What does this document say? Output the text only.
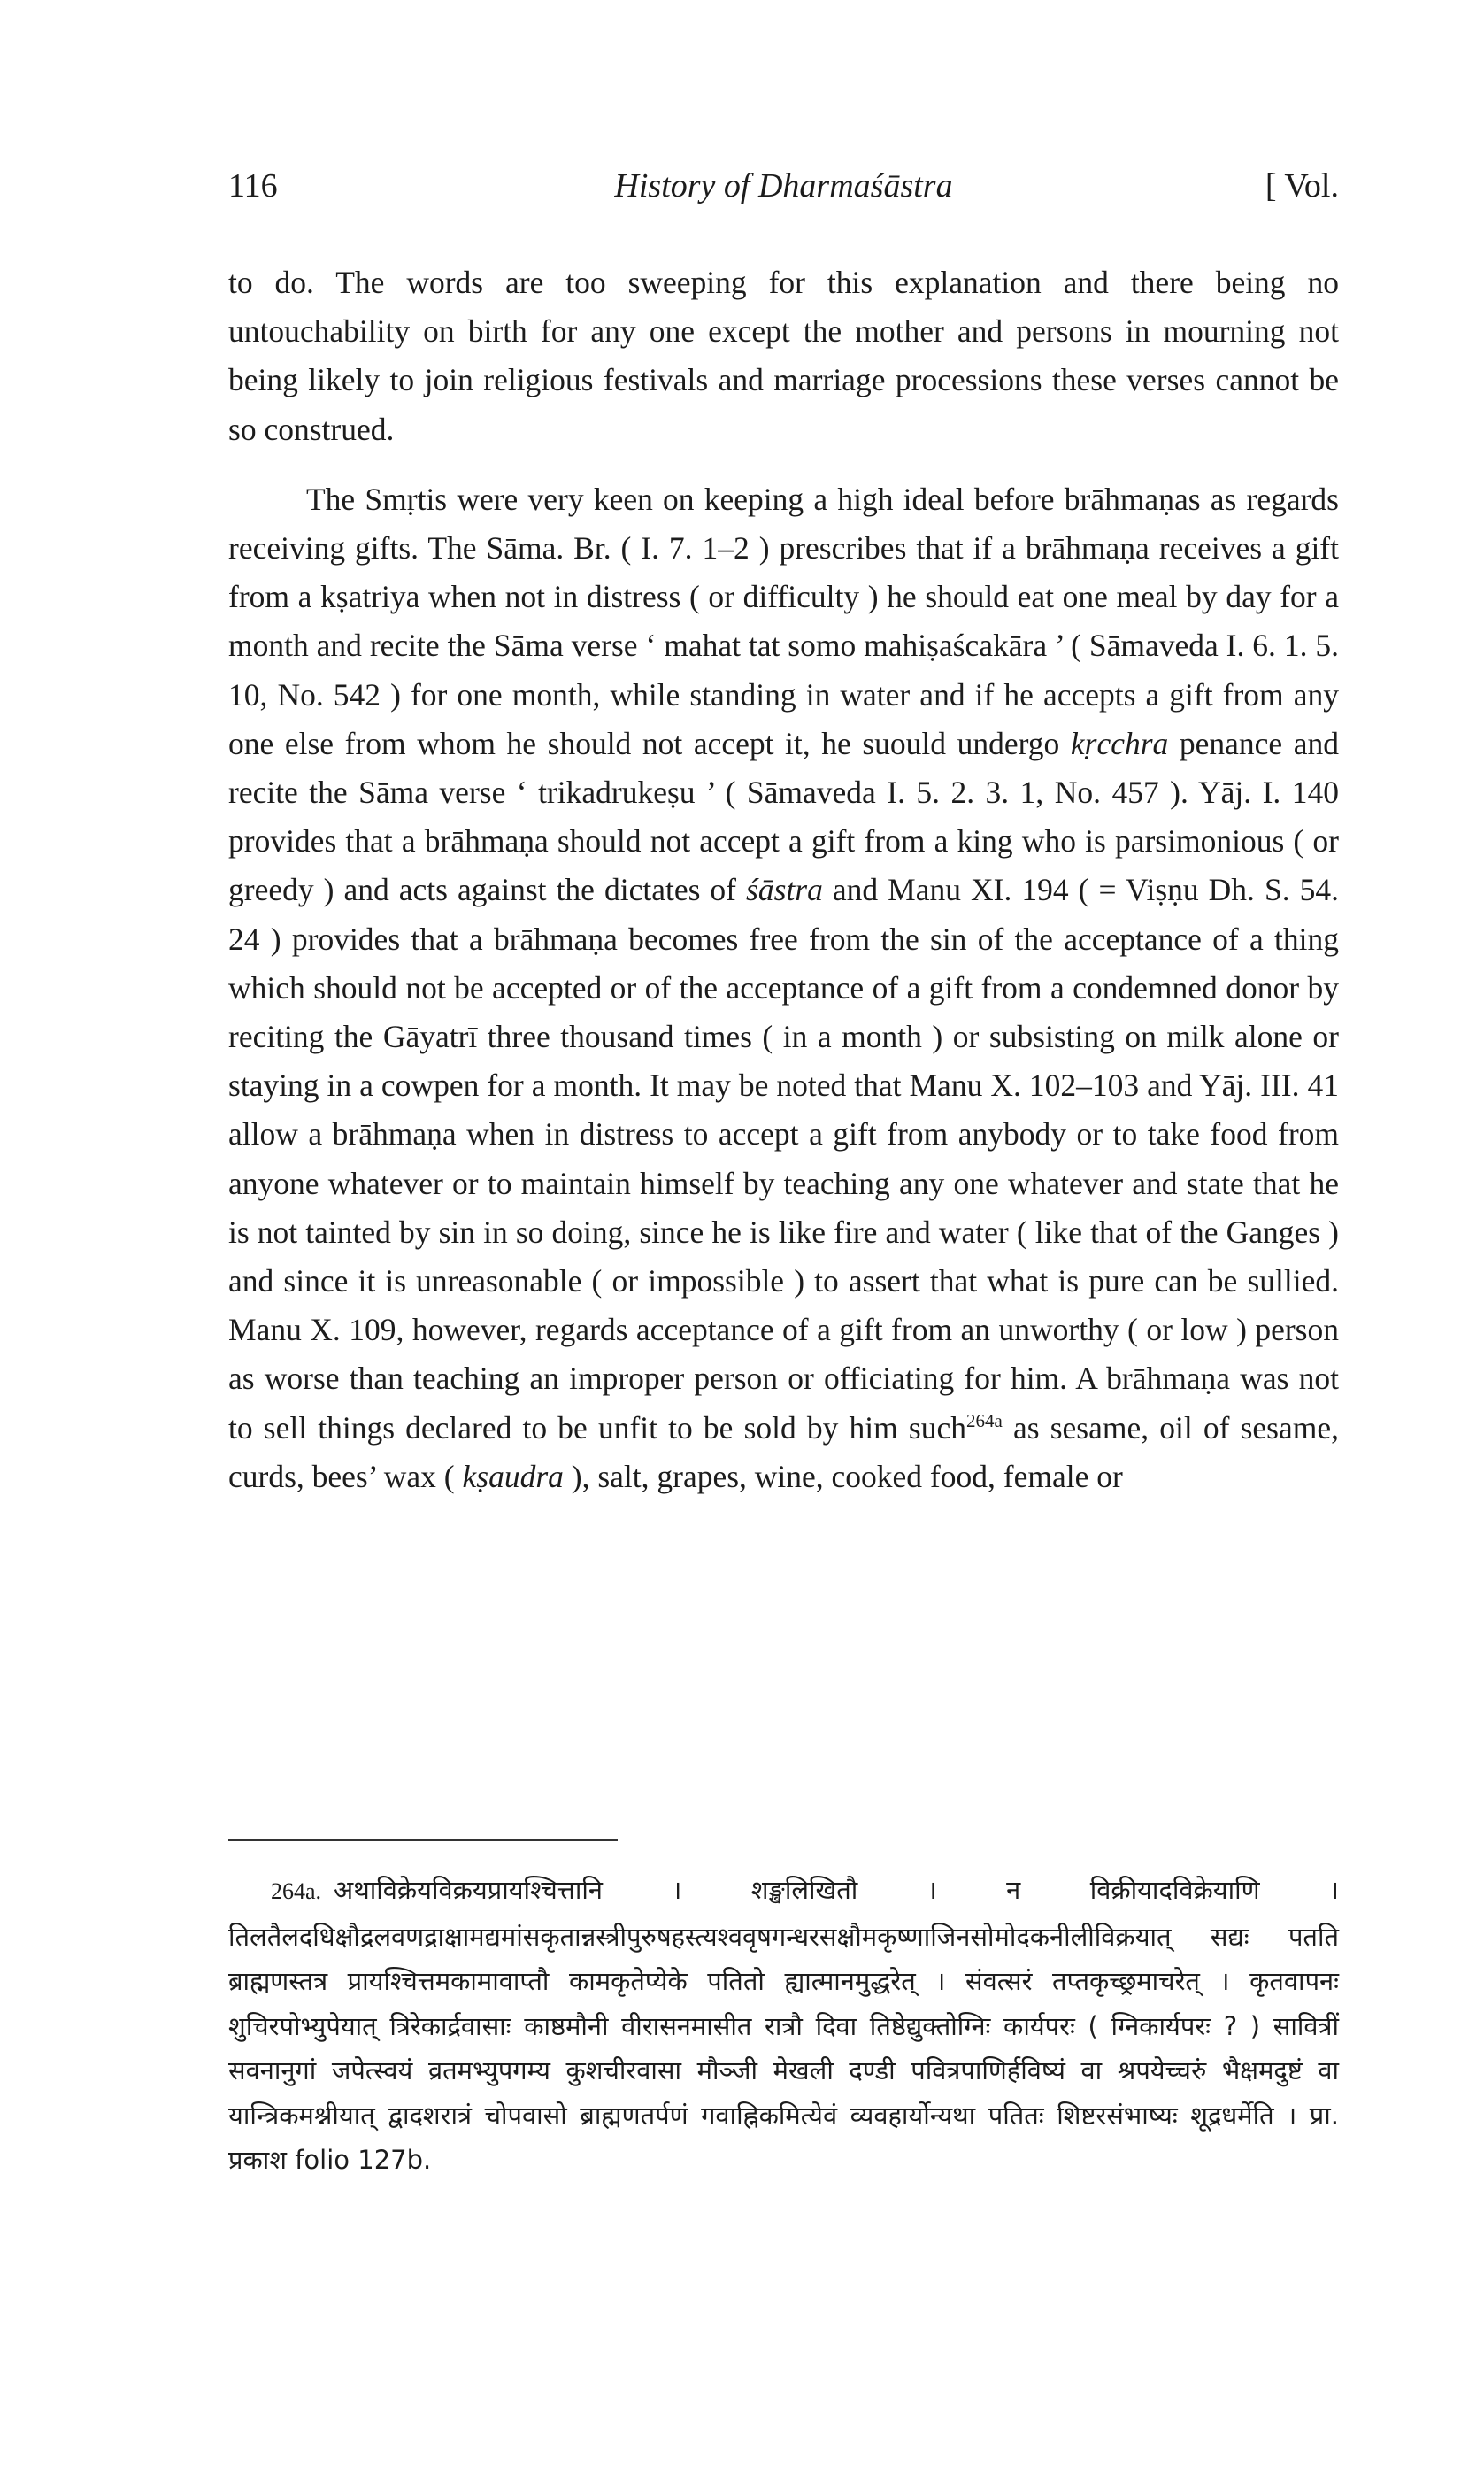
116	History of Dharmaśāstra	[ Vol.

to do. The words are too sweeping for this explanation and there being no untouchability on birth for any one except the mother and persons in mourning not being likely to join religious festivals and marriage processions these verses cannot be so construed.

The Smṛtis were very keen on keeping a high ideal before brāhmaṇas as regards receiving gifts. The Sāma. Br. ( I. 7. 1–2 ) prescribes that if a brāhmaṇa receives a gift from a kṣatriya when not in distress ( or difficulty ) he should eat one meal by day for a month and recite the Sāma verse ‘ mahat tat somo mahiṣaścakāra ’ ( Sāmaveda I. 6. 1. 5. 10, No. 542 ) for one month, while standing in water and if he accepts a gift from any one else from whom he should not accept it, he suould undergo kṛcchra penance and recite the Sāma verse ‘ trikadrukeṣu ’ ( Sāmaveda I. 5. 2. 3. 1, No. 457 ). Yāj. I. 140 provides that a brāhmaṇa should not accept a gift from a king who is parsimonious ( or greedy ) and acts against the dictates of śāstra and Manu XI. 194 ( = Viṣṇu Dh. S. 54. 24 ) provides that a brāhmaṇa becomes free from the sin of the acceptance of a thing which should not be accepted or of the acceptance of a gift from a condemned donor by reciting the Gāyatrī three thousand times ( in a month ) or subsisting on milk alone or staying in a cowpen for a month. It may be noted that Manu X. 102–103 and Yāj. III. 41 allow a brāhmaṇa when in distress to accept a gift from anybody or to take food from anyone whatever or to maintain himself by teaching any one whatever and state that he is not tainted by sin in so doing, since he is like fire and water ( like that of the Ganges ) and since it is unreasonable ( or impossible ) to assert that what is pure can be sullied. Manu X. 109, however, regards acceptance of a gift from an unworthy ( or low ) person as worse than teaching an improper person or officiating for him. A brāhmaṇa was not to sell things declared to be unfit to be sold by him such$^{264a}$ as sesame, oil of sesame, curds, bees’ wax ( kṣaudra ), salt, grapes, wine, cooked food, female or

264a. अथाविक्रेयविक्रयप्रायश्चित्तानि । शङ्खलिखितौ । न विक्रीयादविक्रेयाणि । तिलतैलदधिक्षौद्रलवणद्राक्षामद्यमांसकृतान्नस्त्रीपुरुषहस्त्यश्ववृषगन्धरसक्षौमकृष्णाजिनसोमोदकनीलीविक्रयात् सद्यः पतति ब्राह्मणस्तत्र प्रायश्चित्तमकामावाप्तौ कामकृतेप्येके पतितो ह्यात्मानमुद्धरेत् । संवत्सरं तप्तकृच्छ्रमाचरेत् । कृतवापनः शुचिरपोभ्युपेयात् त्रिरेकार्द्रवासाः काष्ठमौनी वीरासनमासीत रात्रौ दिवा तिष्ठेद्युक्तोग्निः कार्यपरः ( ग्निकार्यपरः ? ) सावित्रीं सवनानुगां जपेत्स्वयं व्रतमभ्युपगम्य कुशचीरवासा मौञ्जी मेखली दण्डी पवित्रपाणिर्हविष्यं वा श्रपयेच्चरुं भैक्षमदुष्टं वा यान्त्रिकमश्नीयात् द्वादशरात्रं चोपवासो ब्राह्मणतर्पणं गवाह्निकमित्येवं व्यवहार्योन्यथा पतितः शिष्टरसंभाष्यः शूद्रधर्मेति । प्रा. प्रकाश folio 127b.
